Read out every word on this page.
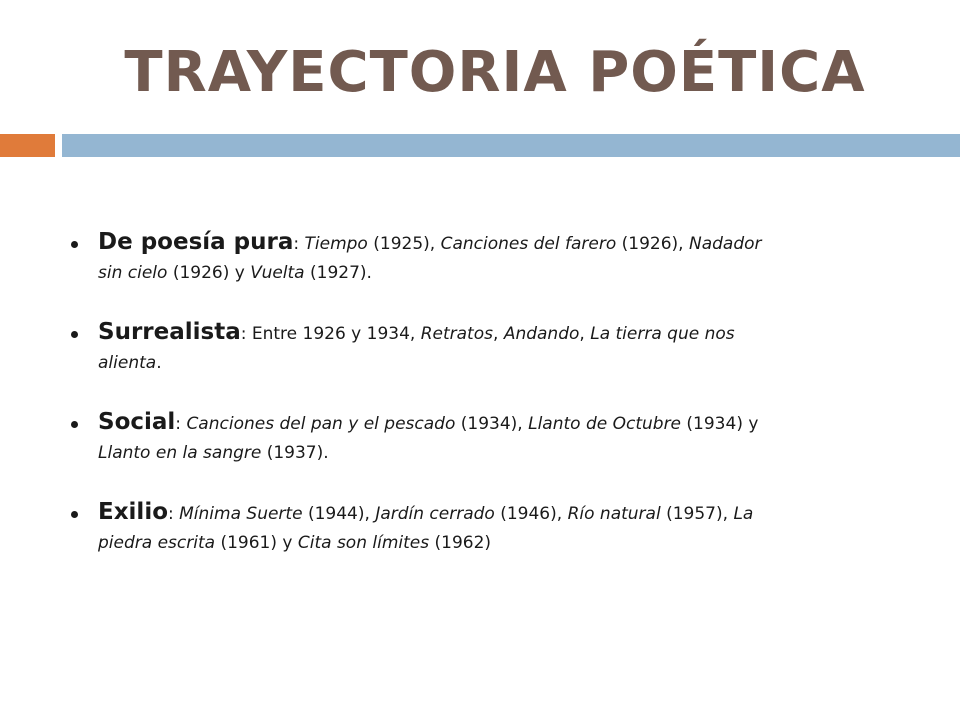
TRAYECTORIA POÉTICA
De poesía pura: Tiempo (1925), Canciones del farero (1926), Nadador sin cielo (1926) y Vuelta (1927).
Surrealista: Entre 1926 y 1934, Retratos, Andando, La tierra que nos alienta.
Social: Canciones del pan y el pescado (1934), Llanto de Octubre (1934) y Llanto en la sangre (1937).
Exilio: Mínima Suerte (1944), Jardín cerrado (1946), Río natural (1957), La piedra escrita (1961) y Cita son límites (1962)
